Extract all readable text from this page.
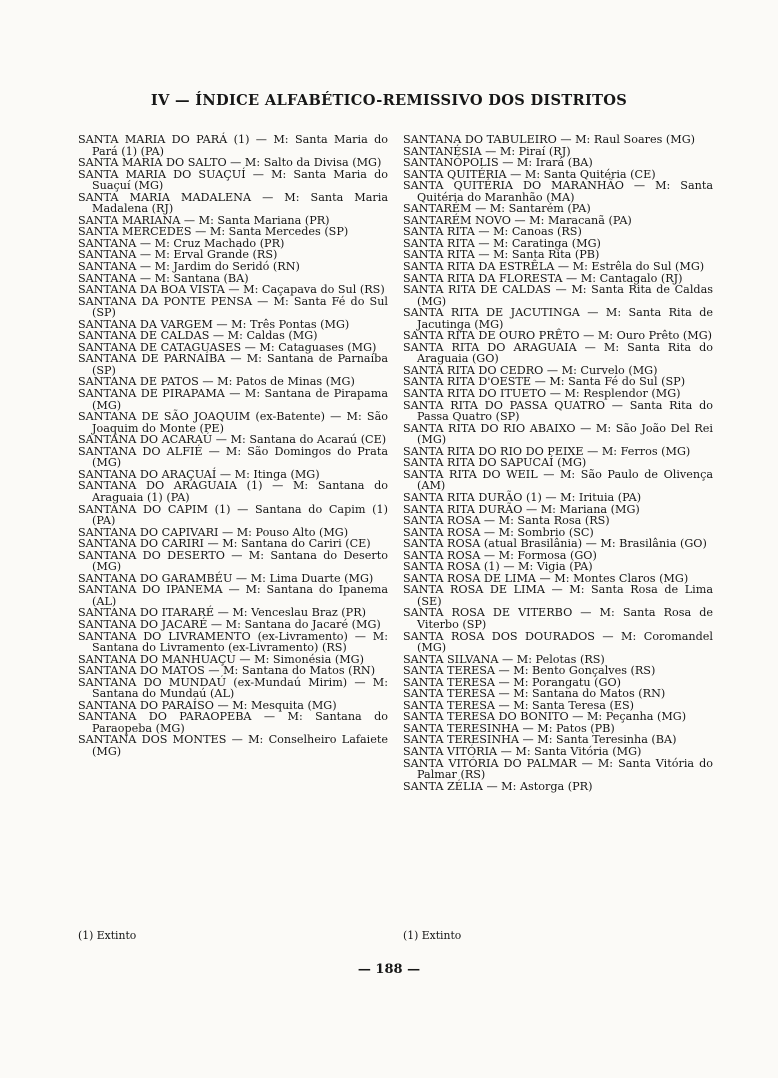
IV — ÍNDICE ALFABÉTICO-REMISSIVO DOS DISTRITOS
SANTA MARIA DO PARÁ (1) — M: Santa Maria do Pará (1) (PA)
SANTA MARIA DO SALTO — M: Salto da Divisa (MG)
SANTA MARIA DO SUAÇUÍ — M: Santa Maria do Suaçuí (MG)
SANTA MARIA MADALENA — M: Santa Maria Madalena (RJ)
SANTA MARIANA — M: Santa Mariana (PR)
SANTA MERCEDES — M: Santa Mercedes (SP)
SANTANA — M: Cruz Machado (PR)
SANTANA — M: Erval Grande (RS)
SANTANA — M: Jardim do Seridó (RN)
SANTANA — M: Santana (BA)
SANTANA DA BOA VISTA — M: Caçapava do Sul (RS)
SANTANA DA PONTE PENSA — M: Santa Fé do Sul (SP)
SANTANA DA VARGEM — M: Três Pontas (MG)
SANTANA DE CALDAS — M: Caldas (MG)
SANTANA DE CATAGUASES — M: Cataguases (MG)
SANTANA DE PARNAÍBA — M: Santana de Parnaíba (SP)
SANTANA DE PATOS — M: Patos de Minas (MG)
SANTANA DE PIRAPAMA — M: Santana de Pirapama (MG)
SANTANA DE SÃO JOAQUIM (ex-Batente) — M: São Joaquim do Monte (PE)
SANTANA DO ACARAÚ — M: Santana do Acaraú (CE)
SANTANA DO ALFIÉ — M: São Domingos do Prata (MG)
SANTANA DO ARAÇUAÍ — M: Itinga (MG)
SANTANA DO ARAGUAIA (1) — M: Santana do Araguaia (1) (PA)
SANTANA DO CAPIM (1) — Santana do Capim (1) (PA)
SANTANA DO CAPIVARI — M: Pouso Alto (MG)
SANTANA DO CARIRI — M: Santana do Cariri (CE)
SANTANA DO DESERTO — M: Santana do Deserto (MG)
SANTANA DO GARAMBÉU — M: Lima Duarte (MG)
SANTANA DO IPANEMA — M: Santana do Ipanema (AL)
SANTANA DO ITARARÉ — M: Venceslau Braz (PR)
SANTANA DO JACARÉ — M: Santana do Jacaré (MG)
SANTANA DO LIVRAMENTO (ex-Livramento) — M: Santana do Livramento (ex-Livramento) (RS)
SANTANA DO MANHUAÇU — M: Simonésia (MG)
SANTANA DO MATOS — M: Santana do Matos (RN)
SANTANA DO MUNDAÚ (ex-Mundaú Mirim) — M: Santana do Mundaú (AL)
SANTANA DO PARAÍSO — M: Mesquita (MG)
SANTANA DO PARAOPEBA — M: Santana do Paraopeba (MG)
SANTANA DOS MONTES — M: Conselheiro Lafaiete (MG)
SANTANA DO TABULEIRO — M: Raul Soares (MG)
SANTANÉSIA — M: Piraí (RJ)
SANTANÓPOLIS — M: Irará (BA)
SANTA QUITÉRIA — M: Santa Quitéria (CE)
SANTA QUITÉRIA DO MARANHÃO — M: Santa Quitéria do Maranhão (MA)
SANTARÉM — M: Santarém (PA)
SANTARÉM NOVO — M: Maracanã (PA)
SANTA RITA — M: Canoas (RS)
SANTA RITA — M: Caratinga (MG)
SANTA RITA — M: Santa Rita (PB)
SANTA RITA DA ESTRÊLA — M: Estrêla do Sul (MG)
SANTA RITA DA FLORESTA — M: Cantagalo (RJ)
SANTA RITA DE CALDAS — M: Santa Rita de Caldas (MG)
SANTA RITA DE JACUTINGA — M: Santa Rita de Jacutinga (MG)
SANTA RITA DE OURO PRÊTO — M: Ouro Prêto (MG)
SANTA RITA DO ARAGUAIA — M: Santa Rita do Araguaia (GO)
SANTA RITA DO CEDRO — M: Curvelo (MG)
SANTA RITA D'OESTE — M: Santa Fé do Sul (SP)
SANTA RITA DO ITUETO — M: Resplendor (MG)
SANTA RITA DO PASSA QUATRO — Santa Rita do Passa Quatro (SP)
SANTA RITA DO RIO ABAIXO — M: São João Del Rei (MG)
SANTA RITA DO RIO DO PEIXE — M: Ferros (MG)
SANTA RITA DO SAPUCAÍ (MG)
SANTA RITA DO WEIL — M: São Paulo de Olivença (AM)
SANTA RITA DURÃO (1) — M: Irituia (PA)
SANTA RITA DURÃO — M: Mariana (MG)
SANTA ROSA — M: Santa Rosa (RS)
SANTA ROSA — M: Sombrio (SC)
SANTA ROSA (atual Brasilânia) — M: Brasilânia (GO)
SANTA ROSA — M: Formosa (GO)
SANTA ROSA (1) — M: Vigia (PA)
SANTA ROSA DE LIMA — M: Montes Claros (MG)
SANTA ROSA DE LIMA — M: Santa Rosa de Lima (SE)
SANTA ROSA DE VITERBO — M: Santa Rosa de Viterbo (SP)
SANTA ROSA DOS DOURADOS — M: Coromandel (MG)
SANTA SILVANA — M: Pelotas (RS)
SANTA TERESA — M: Bento Gonçalves (RS)
SANTA TERESA — M: Porangatu (GO)
SANTA TERESA — M: Santana do Matos (RN)
SANTA TERESA — M: Santa Teresa (ES)
SANTA TERESA DO BONITO — M: Peçanha (MG)
SANTA TERESINHA — M: Patos (PB)
SANTA TERESINHA — M: Santa Teresinha (BA)
SANTA VITÓRIA — M: Santa Vitória (MG)
SANTA VITÓRIA DO PALMAR — M: Santa Vitória do Palmar (RS)
SANTA ZÉLIA — M: Astorga (PR)
(1) Extinto	(1) Extinto
— 188 —
